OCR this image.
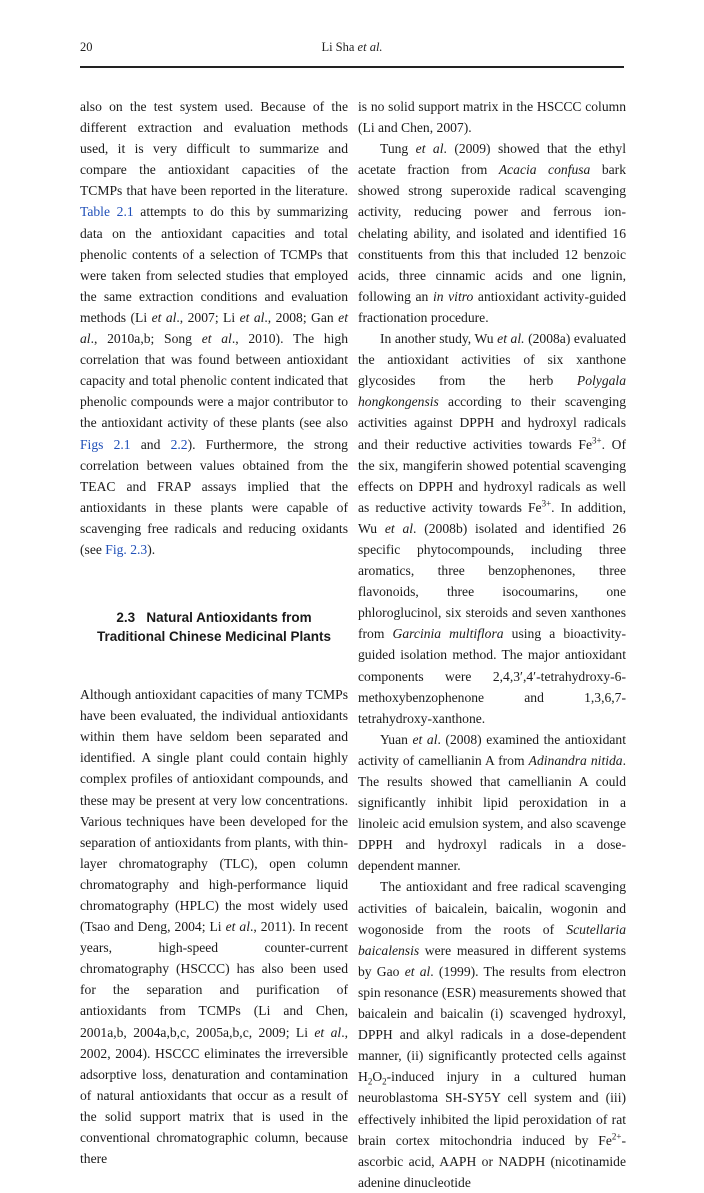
20	Li Sha et al.

also on the test system used. Because of the different extraction and evaluation methods used, it is very difficult to summarize and compare the antioxidant capacities of the TCMPs that have been reported in the literature. Table 2.1 attempts to do this by summarizing data on the antioxidant capacities and total phenolic contents of a selection of TCMPs that were taken from selected studies that employed the same extraction conditions and evaluation methods (Li et al., 2007; Li et al., 2008; Gan et al., 2010a,b; Song et al., 2010). The high correlation that was found between antioxidant capacity and total phenolic content indicated that phenolic compounds were a major contributor to the antioxidant activity of these plants (see also Figs 2.1 and 2.2). Furthermore, the strong correlation between values obtained from the TEAC and FRAP assays implied that the antioxidants in these plants were capable of scavenging free radicals and reducing oxidants (see Fig. 2.3).

2.3 Natural Antioxidants from
Traditional Chinese Medicinal Plants

Although antioxidant capacities of many TCMPs have been evaluated, the individual antioxidants within them have seldom been separated and identified. A single plant could contain highly complex profiles of antioxidant compounds, and these may be present at very low concentrations. Various techniques have been developed for the separation of antioxidants from plants, with thin-layer chromatography (TLC), open column chromatography and high-performance liquid chromatography (HPLC) the most widely used (Tsao and Deng, 2004; Li et al., 2011). In recent years, high-speed counter-current chromatography (HSCCC) has also been used for the separation and purification of antioxidants from TCMPs (Li and Chen, 2001a,b, 2004a,b,c, 2005a,b,c, 2009; Li et al., 2002, 2004). HSCCC eliminates the irreversible adsorptive loss, denaturation and contamination of natural antioxidants that occur as a result of the solid support matrix that is used in the conventional chromatographic column, because there

is no solid support matrix in the HSCCC column (Li and Chen, 2007).

Tung et al. (2009) showed that the ethyl acetate fraction from Acacia confusa bark showed strong superoxide radical scavenging activity, reducing power and ferrous ion-chelating ability, and isolated and identified 16 constituents from this that included 12 benzoic acids, three cinnamic acids and one lignin, following an in vitro antioxidant activity-guided fractionation procedure.

In another study, Wu et al. (2008a) evaluated the antioxidant activities of six xanthone glycosides from the herb Polygala hongkongensis according to their scavenging activities against DPPH and hydroxyl radicals and their reductive activities towards $Fe^{3+}$. Of the six, mangiferin showed potential scavenging effects on DPPH and hydroxyl radicals as well as reductive activity towards $Fe^{3+}$. In addition, Wu et al. (2008b) isolated and identified 26 specific phytocompounds, including three aromatics, three benzophenones, three flavonoids, three isocoumarins, one phloroglucinol, six steroids and seven xanthones from Garcinia multiflora using a bioactivity-guided isolation method. The major antioxidant components were 2,4,3′,4′-tetrahydroxy-6-methoxybenzophenone and 1,3,6,7-tetrahydroxy-xanthone.

Yuan et al. (2008) examined the antioxidant activity of camellianin A from Adinandra nitida. The results showed that camellianin A could significantly inhibit lipid peroxidation in a linoleic acid emulsion system, and also scavenge DPPH and hydroxyl radicals in a dose-dependent manner.

The antioxidant and free radical scavenging activities of baicalein, baicalin, wogonin and wogonoside from the roots of Scutellaria baicalensis were measured in different systems by Gao et al. (1999). The results from electron spin resonance (ESR) measurements showed that baicalein and baicalin (i) scavenged hydroxyl, DPPH and alkyl radicals in a dose-dependent manner, (ii) significantly protected cells against $H_2O_2$-induced injury in a cultured human neuroblastoma SH-SY5Y cell system and (iii) effectively inhibited the lipid peroxidation of rat brain cortex mitochondria induced by $Fe^{2+}$-ascorbic acid, AAPH or NADPH (nicotinamide adenine dinucleotide
